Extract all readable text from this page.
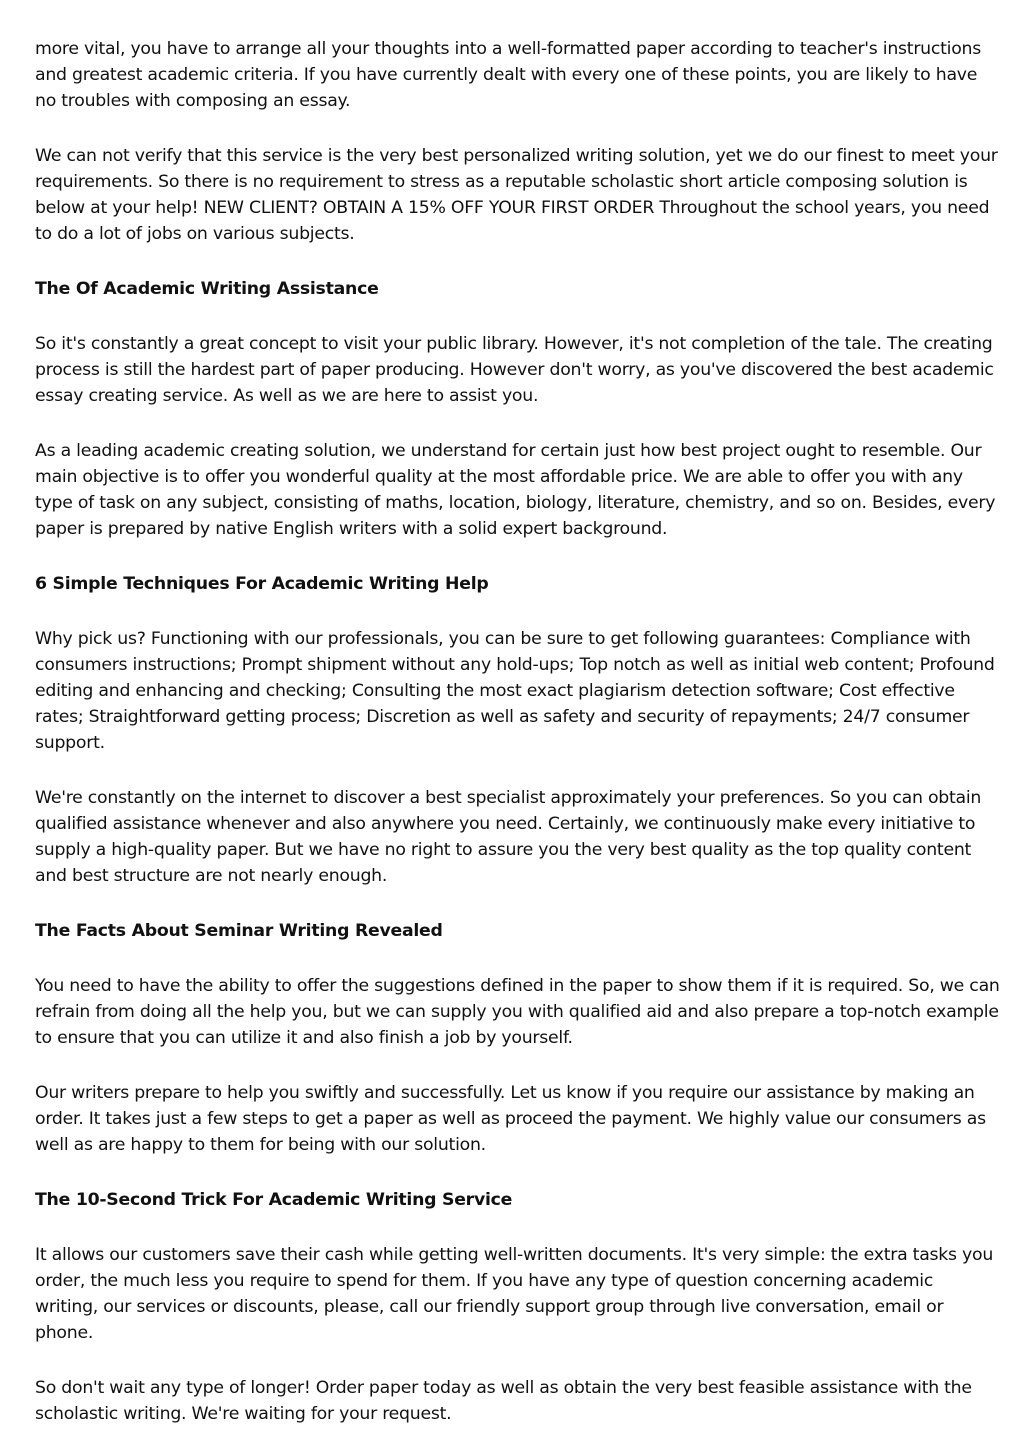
more vital, you have to arrange all your thoughts into a well-formatted paper according to teacher's instructions and greatest academic criteria. If you have currently dealt with every one of these points, you are likely to have no troubles with composing an essay.

We can not verify that this service is the very best personalized writing solution, yet we do our finest to meet your requirements. So there is no requirement to stress as a reputable scholastic short article composing solution is below at your help! NEW CLIENT? OBTAIN A 15% OFF YOUR FIRST ORDER Throughout the school years, you need to do a lot of jobs on various subjects.

The Of Academic Writing Assistance

So it's constantly a great concept to visit your public library. However, it's not completion of the tale. The creating process is still the hardest part of paper producing. However don't worry, as you've discovered the best academic essay creating service. As well as we are here to assist you.

As a leading academic creating solution, we understand for certain just how best project ought to resemble. Our main objective is to offer you wonderful quality at the most affordable price. We are able to offer you with any type of task on any subject, consisting of maths, location, biology, literature, chemistry, and so on. Besides, every paper is prepared by native English writers with a solid expert background.

6 Simple Techniques For Academic Writing Help

Why pick us? Functioning with our professionals, you can be sure to get following guarantees: Compliance with consumers instructions; Prompt shipment without any hold-ups; Top notch as well as initial web content; Profound editing and enhancing and checking; Consulting the most exact plagiarism detection software; Cost effective rates; Straightforward getting process; Discretion as well as safety and security of repayments; 24/7 consumer support.

We're constantly on the internet to discover a best specialist approximately your preferences. So you can obtain qualified assistance whenever and also anywhere you need. Certainly, we continuously make every initiative to supply a high-quality paper. But we have no right to assure you the very best quality as the top quality content and best structure are not nearly enough.

The Facts About Seminar Writing Revealed

You need to have the ability to offer the suggestions defined in the paper to show them if it is required. So, we can refrain from doing all the help you, but we can supply you with qualified aid and also prepare a top-notch example to ensure that you can utilize it and also finish a job by yourself.

Our writers prepare to help you swiftly and successfully. Let us know if you require our assistance by making an order. It takes just a few steps to get a paper as well as proceed the payment. We highly value our consumers as well as are happy to them for being with our solution.

The 10-Second Trick For Academic Writing Service

It allows our customers save their cash while getting well-written documents. It's very simple: the extra tasks you order, the much less you require to spend for them. If you have any type of question concerning academic writing, our services or discounts, please, call our friendly support group through live conversation, email or phone.

So don't wait any type of longer! Order paper today as well as obtain the very best feasible assistance with the scholastic writing. We're waiting for your request.
